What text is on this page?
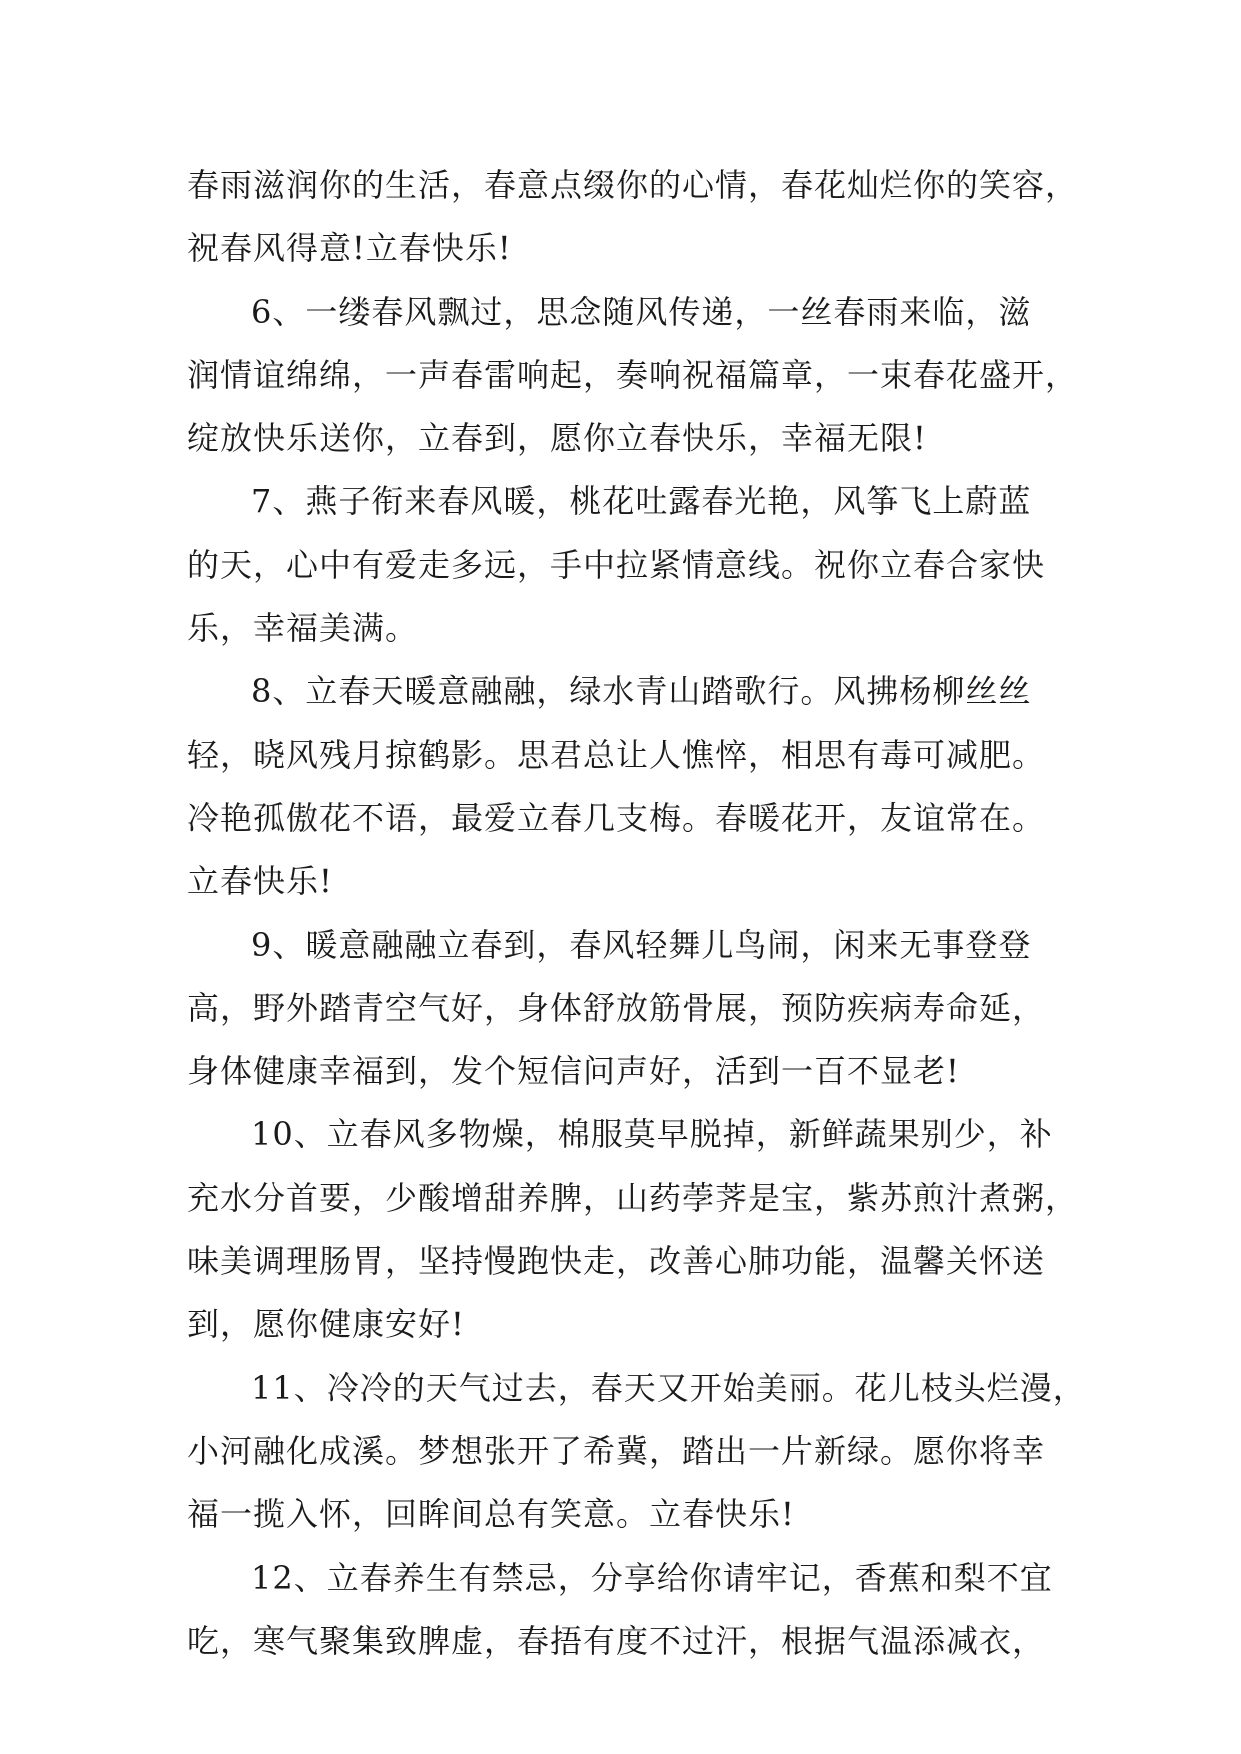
春雨滋润你的生活，春意点缀你的心情，春花灿烂你的笑容，
祝春风得意!立春快乐!
6、一缕春风飘过，思念随风传递，一丝春雨来临，滋
润情谊绵绵，一声春雷响起，奏响祝福篇章，一束春花盛开，
绽放快乐送你，立春到，愿你立春快乐，幸福无限!
7、燕子衔来春风暖，桃花吐露春光艳，风筝飞上蔚蓝
的天，心中有爱走多远，手中拉紧情意线。祝你立春合家快
乐，幸福美满。
8、立春天暖意融融，绿水青山踏歌行。风拂杨柳丝丝
轻，晓风残月掠鹤影。思君总让人憔悴，相思有毒可减肥。
冷艳孤傲花不语，最爱立春几支梅。春暖花开，友谊常在。
立春快乐!
9、暖意融融立春到，春风轻舞儿鸟闹，闲来无事登登
高，野外踏青空气好，身体舒放筋骨展，预防疾病寿命延，
身体健康幸福到，发个短信问声好，活到一百不显老!
10、立春风多物燥，棉服莫早脱掉，新鲜蔬果别少，补
充水分首要，少酸增甜养脾，山药荸荠是宝，紫苏煎汁煮粥，
味美调理肠胃，坚持慢跑快走，改善心肺功能，温馨关怀送
到，愿你健康安好!
11、冷冷的天气过去，春天又开始美丽。花儿枝头烂漫，
小河融化成溪。梦想张开了希冀，踏出一片新绿。愿你将幸
福一揽入怀，回眸间总有笑意。立春快乐!
12、立春养生有禁忌，分享给你请牢记，香蕉和梨不宜
吃，寒气聚集致脾虚，春捂有度不过汗，根据气温添减衣，
